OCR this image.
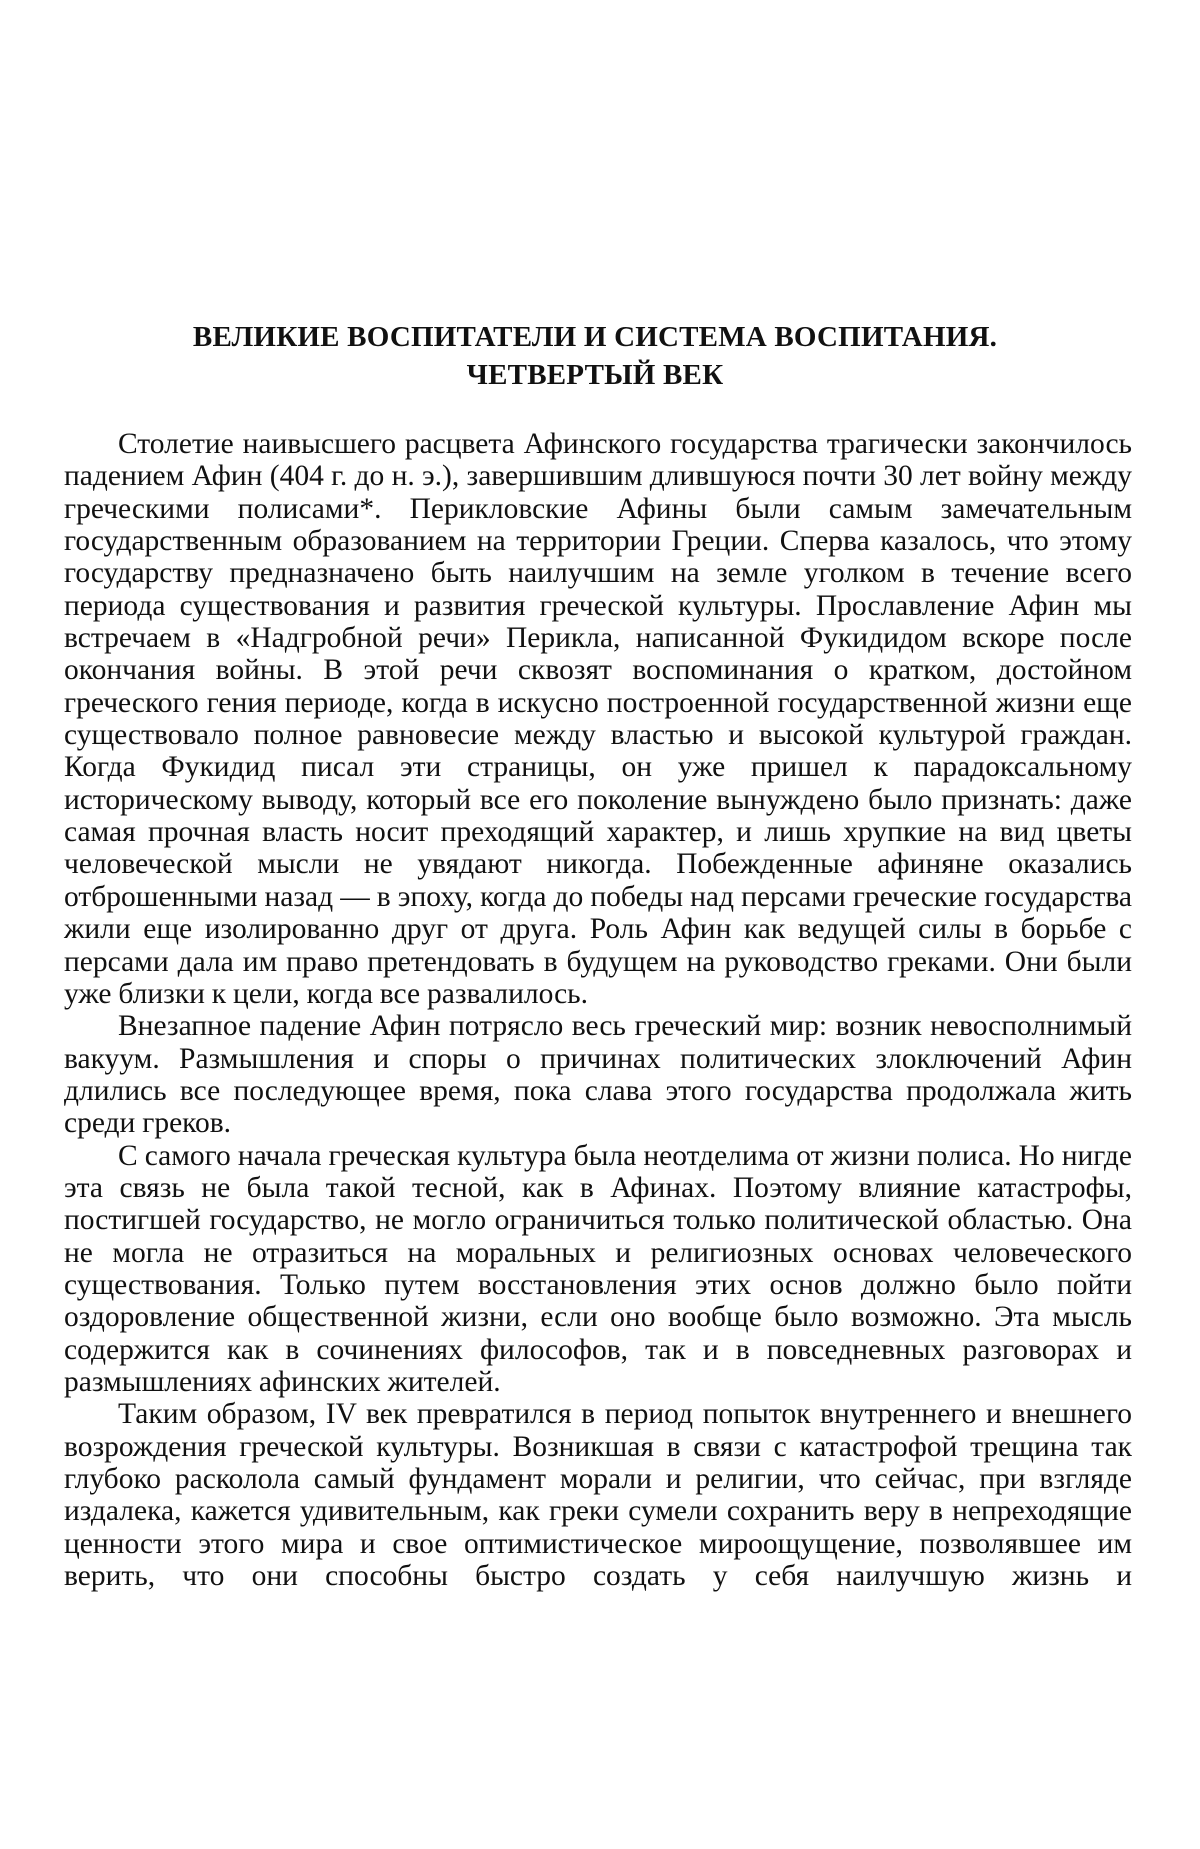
ВЕЛИКИЕ ВОСПИТАТЕЛИ И СИСТЕМА ВОСПИТАНИЯ.
ЧЕТВЕРТЫЙ ВЕК

Столетие наивысшего расцвета Афинского государства трагически закончилось падением Афин (404 г. до н. э.), завершившим длившуюся почти 30 лет войну между греческими полисами*. Перикловские Афины были самым замечательным государственным образованием на территории Греции. Сперва казалось, что этому государству предназначено быть наилучшим на земле уголком в течение всего периода существования и развития греческой культуры. Прославление Афин мы встречаем в «Надгробной речи» Перикла, написанной Фукидидом вскоре после окончания войны. В этой речи сквозят воспоминания о кратком, достойном греческого гения периоде, когда в искусно построенной государственной жизни еще существовало полное равновесие между властью и высокой культурой граждан. Когда Фукидид писал эти страницы, он уже пришел к парадоксальному историческому выводу, который все его поколение вынуждено было признать: даже самая прочная власть носит преходящий характер, и лишь хрупкие на вид цветы человеческой мысли не увядают никогда. Побежденные афиняне оказались отброшенными назад — в эпоху, когда до победы над персами греческие государства жили еще изолированно друг от друга. Роль Афин как ведущей силы в борьбе с персами дала им право претендовать в будущем на руководство греками. Они были уже близки к цели, когда все развалилось.

Внезапное падение Афин потрясло весь греческий мир: возник невосполнимый вакуум. Размышления и споры о причинах политических злоключений Афин длились все последующее время, пока слава этого государства продолжала жить среди греков.

С самого начала греческая культура была неотделима от жизни полиса. Но нигде эта связь не была такой тесной, как в Афинах. Поэтому влияние катастрофы, постигшей государство, не могло ограничиться только политической областью. Она не могла не отразиться на моральных и религиозных основах человеческого существования. Только путем восстановления этих основ должно было пойти оздоровление общественной жизни, если оно вообще было возможно. Эта мысль содержится как в сочинениях философов, так и в повседневных разговорах и размышлениях афинских жителей.

Таким образом, IV век превратился в период попыток внутреннего и внешнего возрождения греческой культуры. Возникшая в связи с катастрофой трещина так глубоко расколола самый фундамент морали и религии, что сейчас, при взгляде издалека, кажется удивительным, как греки сумели сохранить веру в непреходящие ценности этого мира и свое оптимистическое мироощущение, позволявшее им верить, что они способны быстро создать у себя наилучшую жизнь и
